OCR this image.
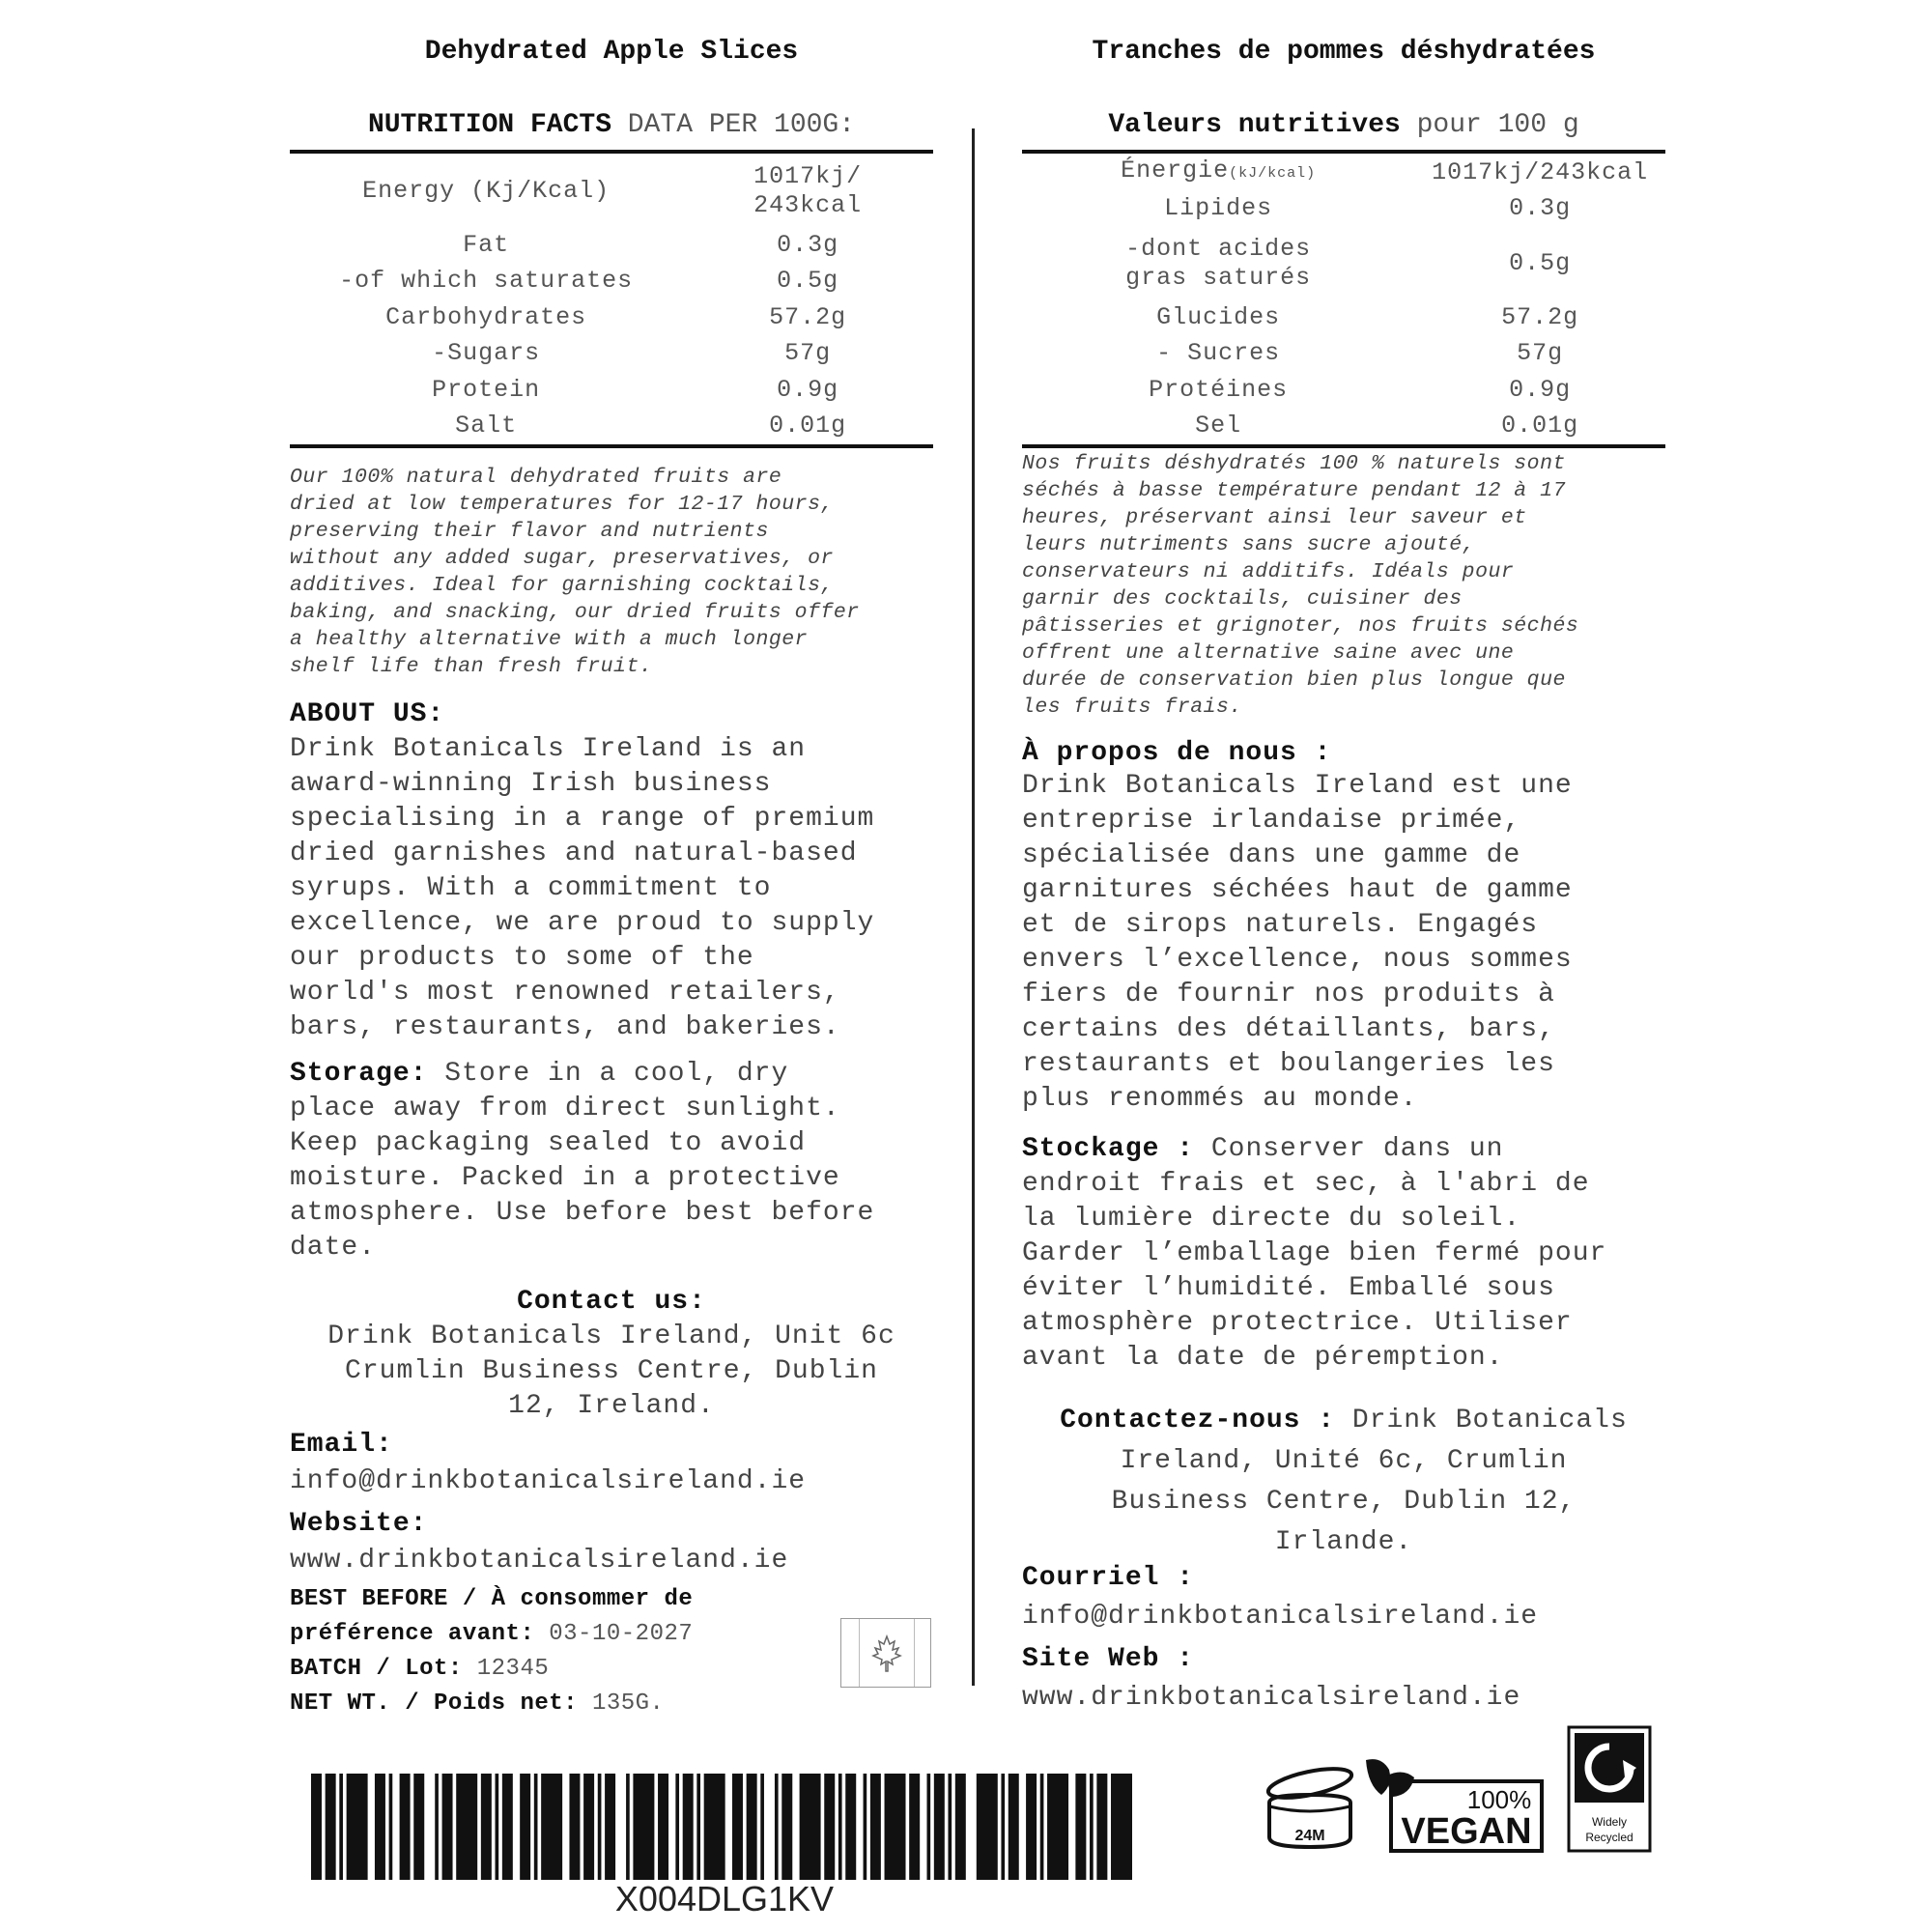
Dehydrated Apple Slices
NUTRITION FACTS DATA PER 100G:
Energy (Kj/Kcal)	1017kj/
243kcal

Fat	0.3g

-of which saturates	0.5g

Carbohydrates	57.2g

-Sugars	57g

Protein	0.9g

Salt	0.01g
Our 100% natural dehydrated fruits are
dried at low temperatures for 12-17 hours,
preserving their flavor and nutrients
without any added sugar, preservatives, or
additives. Ideal for garnishing cocktails,
baking, and snacking, our dried fruits offer
a healthy alternative with a much longer
shelf life than fresh fruit.
ABOUT US:
Drink Botanicals Ireland is an
award-winning Irish business
specialising in a range of premium
dried garnishes and natural-based
syrups. With a commitment to
excellence, we are proud to supply
our products to some of the
world's most renowned retailers,
bars, restaurants, and bakeries.
Storage: Store in a cool, dry
place away from direct sunlight.
Keep packaging sealed to avoid
moisture. Packed in a protective
atmosphere. Use before best before
date.
Contact us:
Drink Botanicals Ireland, Unit 6c
Crumlin Business Centre, Dublin
12, Ireland.
Email:
info@drinkbotanicalsireland.ie
Website:
www.drinkbotanicalsireland.ie
BEST BEFORE / À consommer de
préférence avant: 03-10-2027
BATCH / Lot: 12345
NET WT. / Poids net: 135G.
Tranches de pommes déshydratées
Valeurs nutritives pour 100 g
Énergie(kJ/kcal)	1017kj/243kcal

Lipides	0.3g

-dont acides
gras saturés	0.5g

Glucides	57.2g

- Sucres	57g

Protéines	0.9g

Sel	0.01g
Nos fruits déshydratés 100 % naturels sont
séchés à basse température pendant 12 à 17
heures, préservant ainsi leur saveur et
leurs nutriments sans sucre ajouté,
conservateurs ni additifs. Idéals pour
garnir des cocktails, cuisiner des
pâtisseries et grignoter, nos fruits séchés
offrent une alternative saine avec une
durée de conservation bien plus longue que
les fruits frais.
À propos de nous :
Drink Botanicals Ireland est une
entreprise irlandaise primée,
spécialisée dans une gamme de
garnitures séchées haut de gamme
et de sirops naturels. Engagés
envers l’excellence, nous sommes
fiers de fournir nos produits à
certains des détaillants, bars,
restaurants et boulangeries les
plus renommés au monde.
Stockage : Conserver dans un
endroit frais et sec, à l'abri de
la lumière directe du soleil.
Garder l’emballage bien fermé pour
éviter l’humidité. Emballé sous
atmosphère protectrice. Utiliser
avant la date de péremption.
Contactez-nous : Drink Botanicals
Ireland, Unité 6c, Crumlin
Business Centre, Dublin 12,
Irlande.
Courriel :
info@drinkbotanicalsireland.ie
Site Web :
www.drinkbotanicalsireland.ie
X004DLG1KV
24M
100%
VEGAN	Widely
Recycled
